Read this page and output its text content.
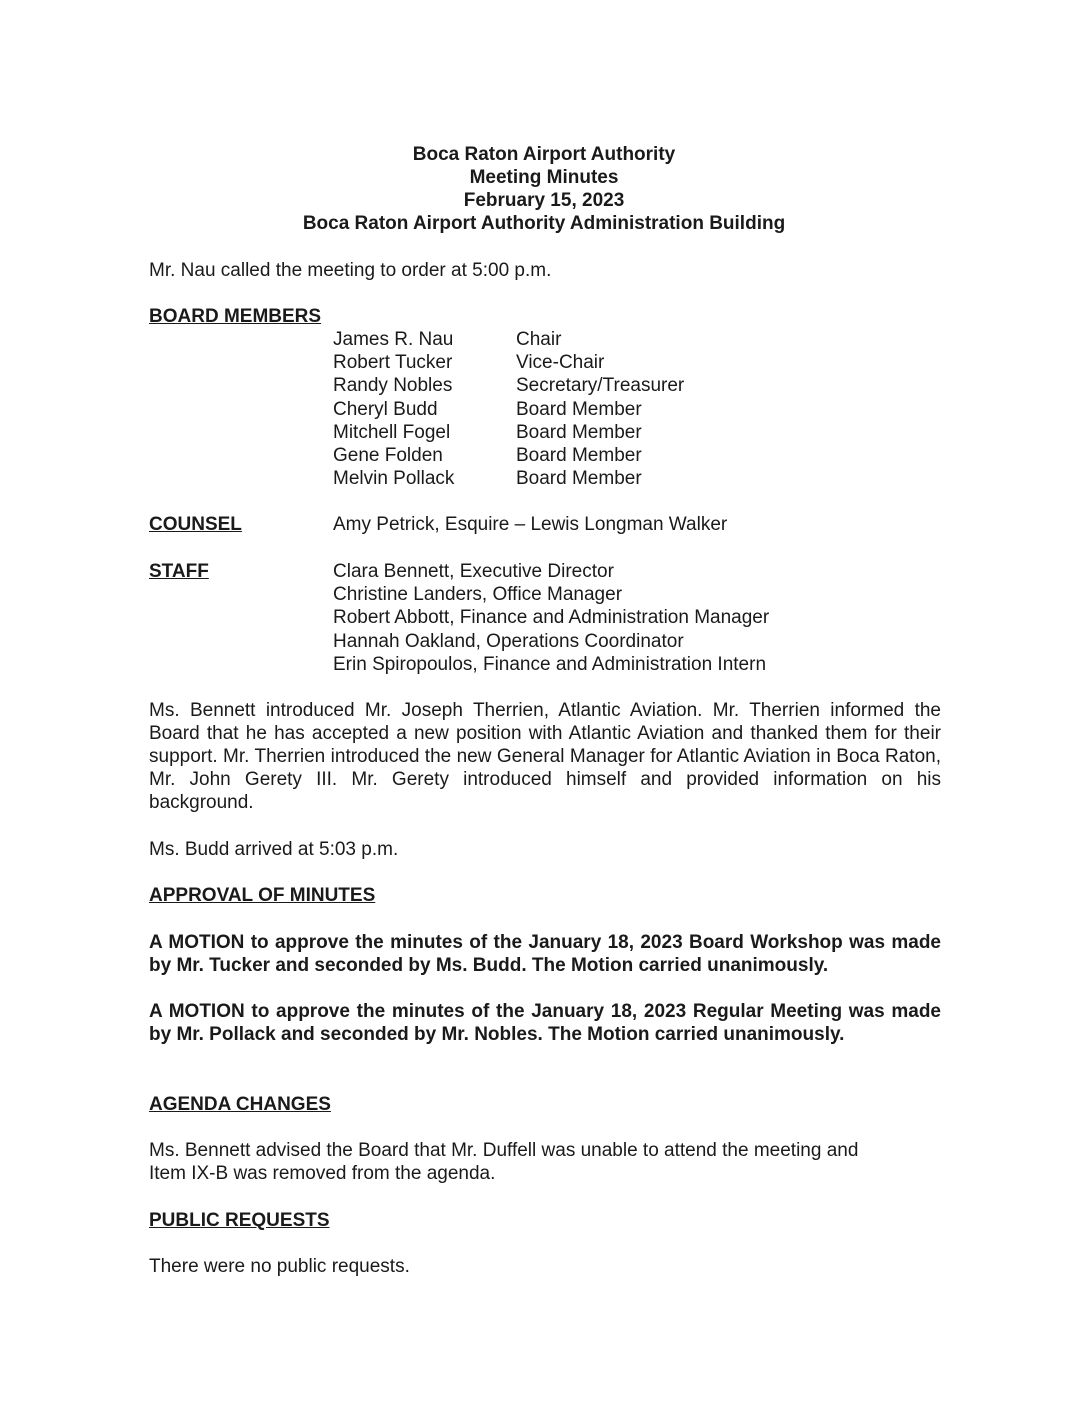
Boca Raton Airport Authority
Meeting Minutes
February 15, 2023
Boca Raton Airport Authority Administration Building
Mr. Nau called the meeting to order at 5:00 p.m.
BOARD MEMBERS
James R. Nau	Chair
Robert Tucker	Vice-Chair
Randy Nobles	Secretary/Treasurer
Cheryl Budd	Board Member
Mitchell Fogel	Board Member
Gene Folden	Board Member
Melvin Pollack	Board Member
COUNSEL	Amy Petrick, Esquire – Lewis Longman Walker
STAFF	Clara Bennett, Executive Director
Christine Landers, Office Manager
Robert Abbott, Finance and Administration Manager
Hannah Oakland, Operations Coordinator
Erin Spiropoulos, Finance and Administration Intern
Ms. Bennett introduced Mr. Joseph Therrien, Atlantic Aviation. Mr. Therrien informed the Board that he has accepted a new position with Atlantic Aviation and thanked them for their support. Mr. Therrien introduced the new General Manager for Atlantic Aviation in Boca Raton, Mr. John Gerety III. Mr. Gerety introduced himself and provided information on his background.
Ms. Budd arrived at 5:03 p.m.
APPROVAL OF MINUTES
A MOTION to approve the minutes of the January 18, 2023 Board Workshop was made by Mr. Tucker and seconded by Ms. Budd. The Motion carried unanimously.
A MOTION to approve the minutes of the January 18, 2023 Regular Meeting was made by Mr. Pollack and seconded by Mr. Nobles. The Motion carried unanimously.
AGENDA CHANGES
Ms. Bennett advised the Board that Mr. Duffell was unable to attend the meeting and
Item IX-B was removed from the agenda.
PUBLIC REQUESTS
There were no public requests.
